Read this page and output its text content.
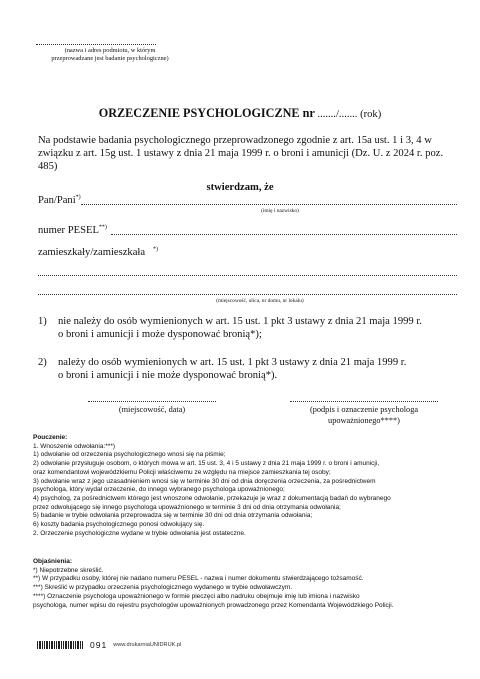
(nazwa i adres podmiotu, w którym
przeprowadzane jest badanie psychologiczne)
ORZECZENIE PSYCHOLOGICZNE nr ......./....... (rok)
Na podstawie badania psychologicznego przeprowadzonego zgodnie z art. 15a ust. 1 i 3, 4 w związku z art. 15g ust. 1 ustawy z dnia 21 maja 1999 r. o broni i amunicji (Dz. U. z 2024 r. poz. 485)
stwierdzam, że
Pan/Pani*)
(imię i nazwisko)
numer PESEL**)
zamieszkały/zamieszkała *)
(miejscowość, ulica, nr domu, nr lokalu)
1)	nie należy do osób wymienionych w art. 15 ust. 1 pkt 3 ustawy z dnia 21 maja 1999 r.
o broni i amunicji i może dysponować bronią*);
2)	należy do osób wymienionych w art. 15 ust. 1 pkt 3 ustawy z dnia 21 maja 1999 r.
o broni i amunicji i nie może dysponować bronią*).
(miejscowość, data)	(podpis i oznaczenie psychologa
upoważnionego****)
Pouczenie:
1. Wnoszenie odwołania:***)
1) odwołanie od orzeczenia psychologicznego wnosi się na piśmie;
2) odwołanie przysługuje osobom, o których mowa w art. 15 ust. 3, 4 i 5 ustawy z dnia 21 maja 1999 r. o broni i amunicji,
oraz komendantowi wojewódzkiemu Policji właściwemu ze względu na miejsce zamieszkania tej osoby;
3) odwołanie wraz z jego uzasadnieniem wnosi się w terminie 30 dni od dnia doręczenia orzeczenia, za pośrednictwem
psychologa, który wydał orzeczenie, do innego wybranego psychologa upoważnionego;
4) psycholog, za pośrednictwem którego jest wnoszone odwołanie, przekazuje je wraz z dokumentacją badań do wybranego
przez odwołującego się innego psychologa upoważnionego w terminie 3 dni od dnia otrzymania odwołania;
5) badanie w trybie odwołania przeprowadza się w terminie 30 dni od dnia otrzymania odwołania;
6) koszty badania psychologicznego ponosi odwołujący się.
2. Orzeczenie psychologiczne wydane w trybie odwołania jest ostateczne.
Objaśnienia:
*) Niepotrzebne skreślić.
**) W przypadku osoby, której nie nadano numeru PESEL - nazwa i numer dokumentu stwierdzającego tożsamość.
***) Skreślić w przypadku orzeczenia psychologicznego wydanego w trybie odwoławczym.
****) Oznaczenie psychologa upoważnionego w formie pieczęci albo nadruku obejmuje imię lub imiona i nazwisko
psychologa, numer wpisu do rejestru psychologów upoważnionych prowadzonego przez Komendanta Wojewódzkiego Policji.
091 www.drukarniaUNIDRUK.pl
